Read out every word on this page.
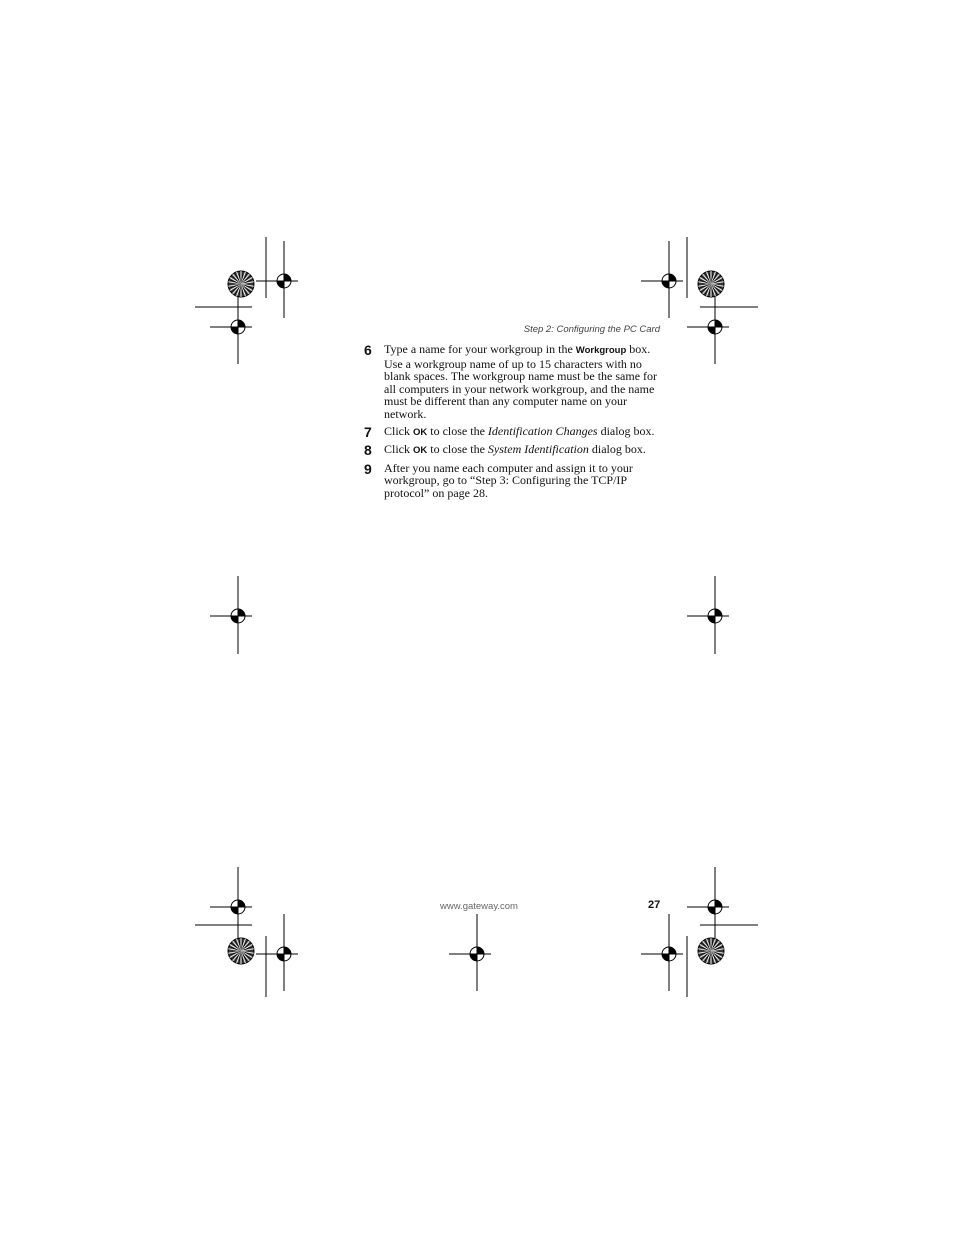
Step 2: Configuring the PC Card
6 Type a name for your workgroup in the Workgroup box. Use a workgroup name of up to 15 characters with no blank spaces. The workgroup name must be the same for all computers in your network workgroup, and the name must be different than any computer name on your network.
7 Click OK to close the Identification Changes dialog box.
8 Click OK to close the System Identification dialog box.
9 After you name each computer and assign it to your workgroup, go to “Step 3: Configuring the TCP/IP protocol” on page 28.
www.gateway.com	27
